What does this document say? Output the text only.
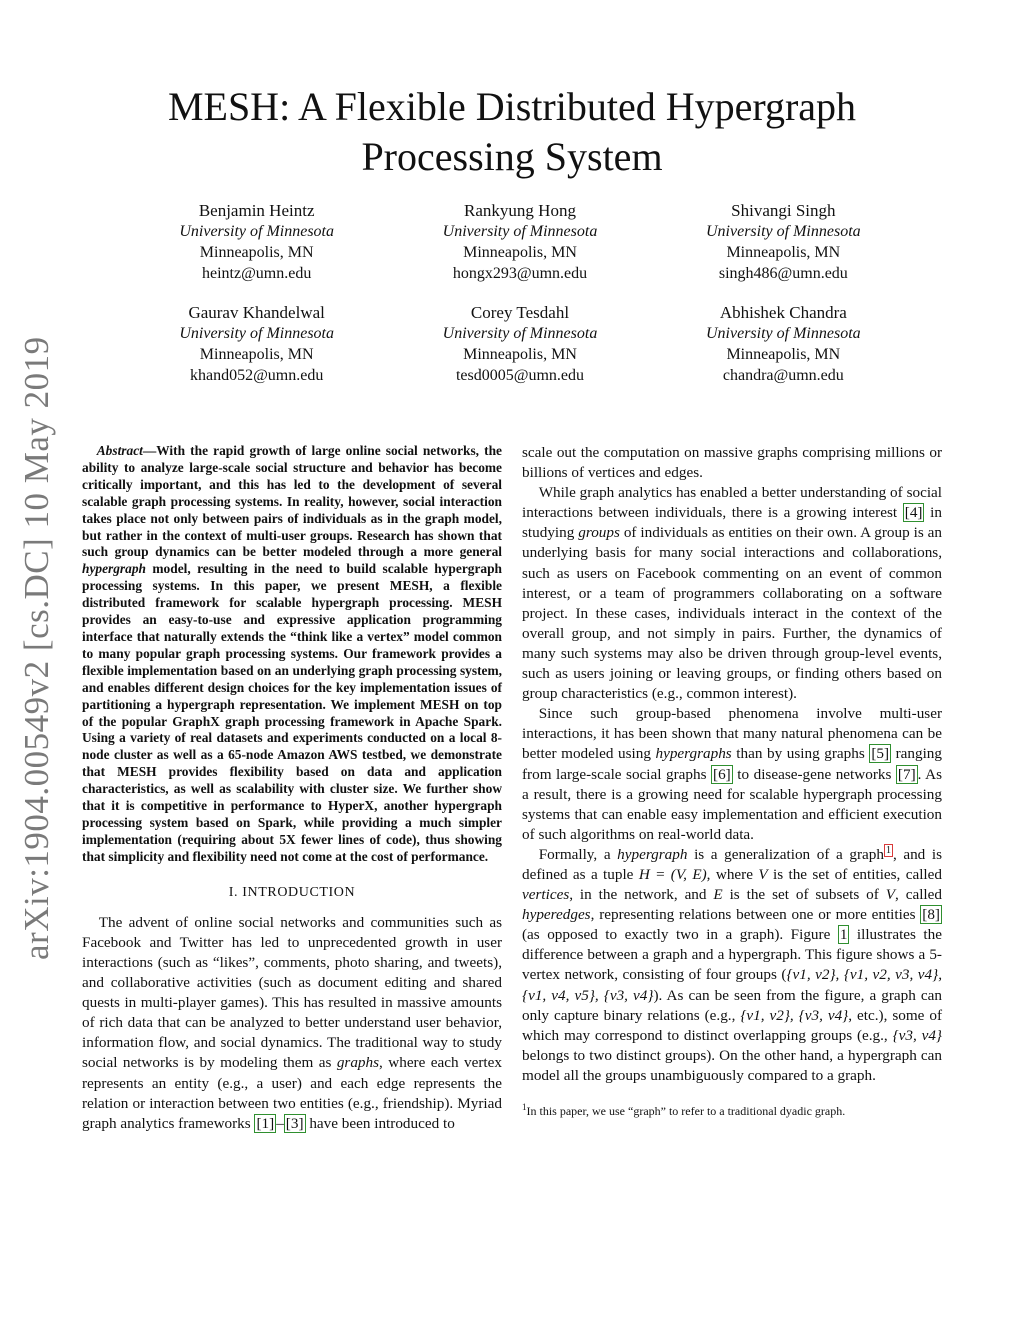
arXiv:1904.00549v2 [cs.DC] 10 May 2019
MESH: A Flexible Distributed Hypergraph Processing System
Benjamin Heintz
University of Minnesota
Minneapolis, MN
heintz@umn.edu
Rankyung Hong
University of Minnesota
Minneapolis, MN
hongx293@umn.edu
Shivangi Singh
University of Minnesota
Minneapolis, MN
singh486@umn.edu
Gaurav Khandelwal
University of Minnesota
Minneapolis, MN
khand052@umn.edu
Corey Tesdahl
University of Minnesota
Minneapolis, MN
tesd0005@umn.edu
Abhishek Chandra
University of Minnesota
Minneapolis, MN
chandra@umn.edu

Abstract—With the rapid growth of large online social networks, the ability to analyze large-scale social structure and behavior has become critically important, and this has led to the development of several scalable graph processing systems. In reality, however, social interaction takes place not only between pairs of individuals as in the graph model, but rather in the context of multi-user groups. Research has shown that such group dynamics can be better modeled through a more general hypergraph model, resulting in the need to build scalable hypergraph processing systems. In this paper, we present MESH, a flexible distributed framework for scalable hypergraph processing. MESH provides an easy-to-use and expressive application programming interface that naturally extends the “think like a vertex” model common to many popular graph processing systems. Our framework provides a flexible implementation based on an underlying graph processing system, and enables different design choices for the key implementation issues of partitioning a hypergraph representation. We implement MESH on top of the popular GraphX graph processing framework in Apache Spark. Using a variety of real datasets and experiments conducted on a local 8-node cluster as well as a 65-node Amazon AWS testbed, we demonstrate that MESH provides flexibility based on data and application characteristics, as well as scalability with cluster size. We further show that it is competitive in performance to HyperX, another hypergraph processing system based on Spark, while providing a much simpler implementation (requiring about 5X fewer lines of code), thus showing that simplicity and flexibility need not come at the cost of performance.

I. INTRODUCTION

The advent of online social networks and communities such as Facebook and Twitter has led to unprecedented growth in user interactions (such as “likes”, comments, photo sharing, and tweets), and collaborative activities (such as document editing and shared quests in multi-player games). This has resulted in massive amounts of rich data that can be analyzed to better understand user behavior, information flow, and social dynamics. The traditional way to study social networks is by modeling them as graphs, where each vertex represents an entity (e.g., a user) and each edge represents the relation or interaction between two entities (e.g., friendship). Myriad graph analytics frameworks [1] – [3] have been introduced to

scale out the computation on massive graphs comprising millions or billions of vertices and edges.

While graph analytics has enabled a better understanding of social interactions between individuals, there is a growing interest [4] in studying groups of individuals as entities on their own. A group is an underlying basis for many social interactions and collaborations, such as users on Facebook commenting on an event of common interest, or a team of programmers collaborating on a software project. In these cases, individuals interact in the context of the overall group, and not simply in pairs. Further, the dynamics of many such systems may also be driven through group-level events, such as users joining or leaving groups, or finding others based on group characteristics (e.g., common interest).

Since such group-based phenomena involve multi-user interactions, it has been shown that many natural phenomena can be better modeled using hypergraphs than by using graphs [5] ranging from large-scale social graphs [6] to disease-gene networks [7] . As a result, there is a growing need for scalable hypergraph processing systems that can enable easy implementation and efficient execution of such algorithms on real-world data.

Formally, a hypergraph is a generalization of a graph $^1$ , and is defined as a tuple H = (V, E), where V is the set of entities, called vertices, in the network, and E is the set of subsets of V, called hyperedges, representing relations between one or more entities [8] (as opposed to exactly two in a graph). Figure 1 illustrates the difference between a graph and a hypergraph. This figure shows a 5-vertex network, consisting of four groups ({v1, v2}, {v1, v2, v3, v4}, {v1, v4, v5}, {v3, v4}). As can be seen from the figure, a graph can only capture binary relations (e.g., {v1, v2}, {v3, v4}, etc.), some of which may correspond to distinct overlapping groups (e.g., {v3, v4} belongs to two distinct groups). On the other hand, a hypergraph can model all the groups unambiguously compared to a graph.

$^1$In this paper, we use “graph” to refer to a traditional dyadic graph.
